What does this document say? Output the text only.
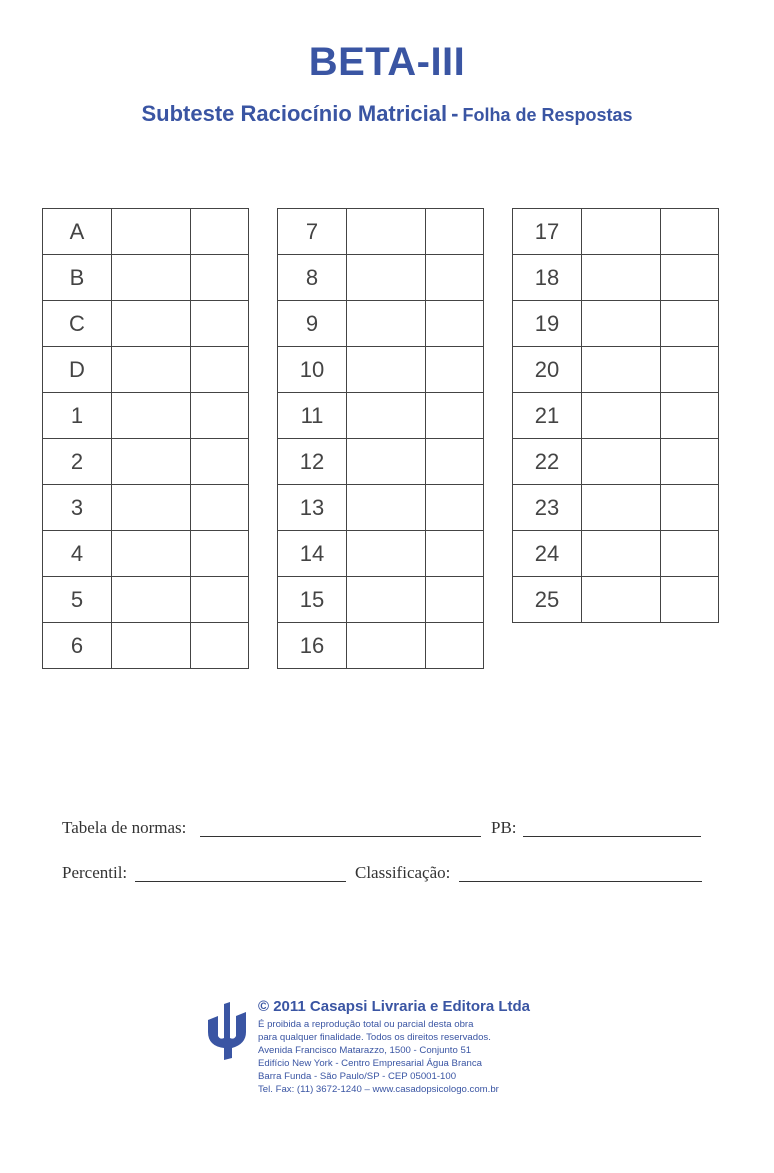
BETA-III
Subteste Raciocínio Matricial - Folha de Respostas
A		
B		
C		
D		
1		
2		
3		
4		
5		
6		
7		
8		
9		
10		
11		
12		
13		
14		
15		
16		
17		
18		
19		
20		
21		
22		
23		
24		
25		
Tabela de normas:	PB:
Percentil:	Classificação:
© 2011 Casapsi Livraria e Editora Ltda
É proibida a reprodução total ou parcial desta obra
para qualquer finalidade. Todos os direitos reservados.
Avenida Francisco Matarazzo, 1500 - Conjunto 51
Edifício New York - Centro Empresarial Água Branca
Barra Funda - São Paulo/SP - CEP 05001-100
Tel. Fax: (11) 3672-1240 – www.casadopsicologo.com.br
